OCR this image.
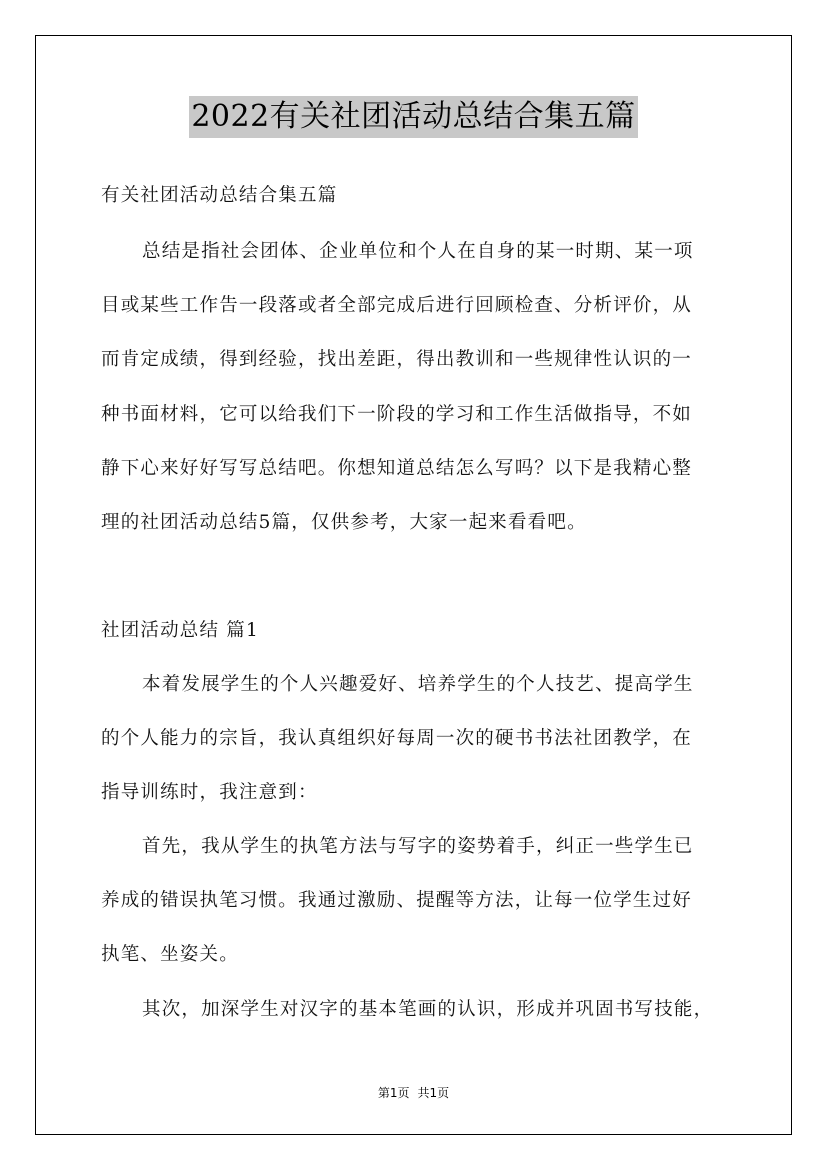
2022有关社团活动总结合集五篇
有关社团活动总结合集五篇
总结是指社会团体、企业单位和个人在自身的某一时期、某一项
目或某些工作告一段落或者全部完成后进行回顾检查、分析评价，从
而肯定成绩，得到经验，找出差距，得出教训和一些规律性认识的一
种书面材料，它可以给我们下一阶段的学习和工作生活做指导，不如
静下心来好好写写总结吧。你想知道总结怎么写吗？以下是我精心整
理的社团活动总结5篇，仅供参考，大家一起来看看吧。
社团活动总结 篇1
本着发展学生的个人兴趣爱好、培养学生的个人技艺、提高学生
的个人能力的宗旨，我认真组织好每周一次的硬书书法社团教学，在
指导训练时，我注意到：
首先，我从学生的执笔方法与写字的姿势着手，纠正一些学生已
养成的错误执笔习惯。我通过激励、提醒等方法，让每一位学生过好
执笔、坐姿关。
其次，加深学生对汉字的基本笔画的认识，形成并巩固书写技能，
第1页 共1页
